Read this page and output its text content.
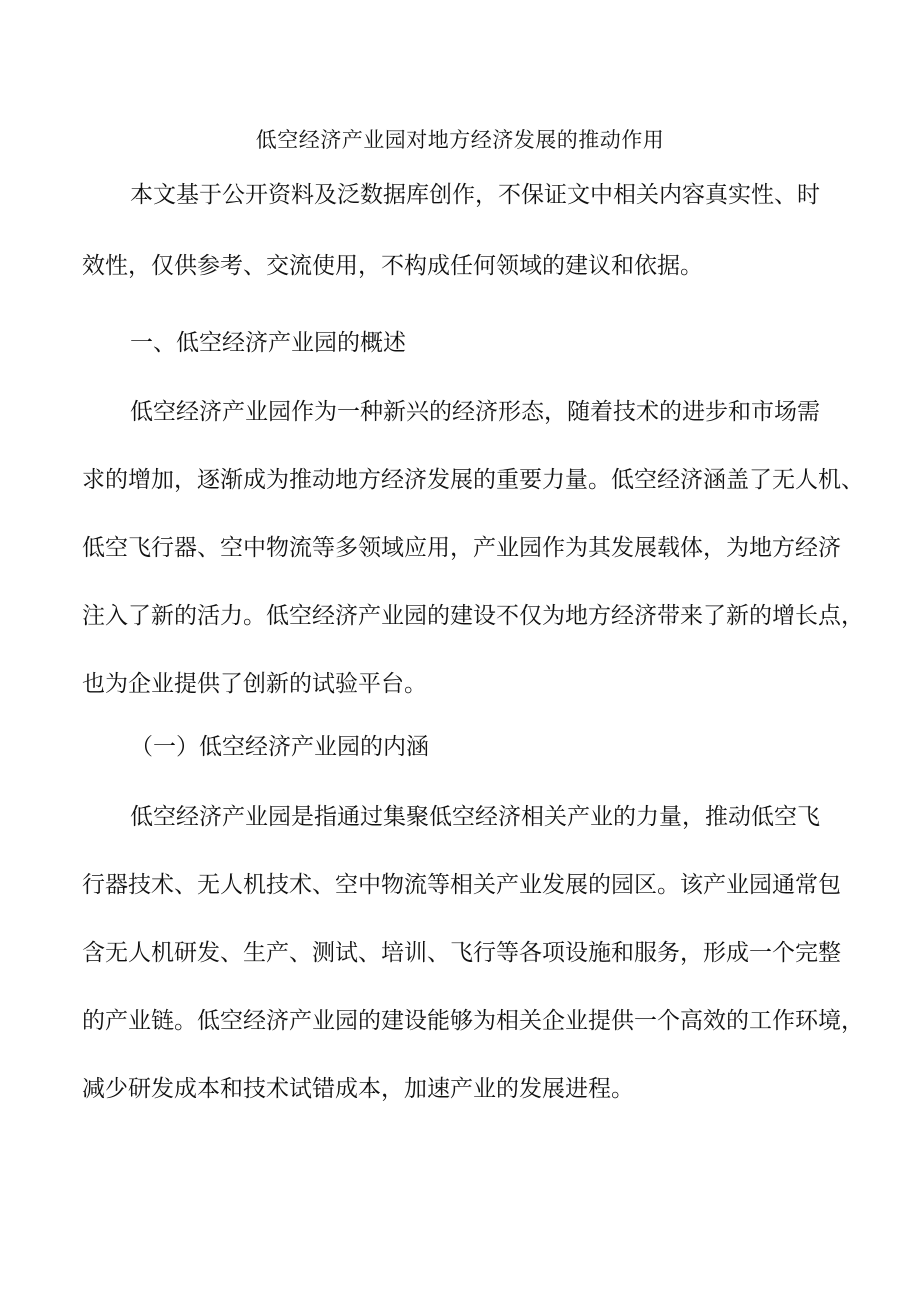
低空经济产业园对地方经济发展的推动作用

本文基于公开资料及泛数据库创作，不保证文中相关内容真实性、时
效性，仅供参考、交流使用，不构成任何领域的建议和依据。

一、低空经济产业园的概述

低空经济产业园作为一种新兴的经济形态，随着技术的进步和市场需
求的增加，逐渐成为推动地方经济发展的重要力量。低空经济涵盖了无人机、
低空飞行器、空中物流等多领域应用，产业园作为其发展载体，为地方经济
注入了新的活力。低空经济产业园的建设不仅为地方经济带来了新的增长点，
也为企业提供了创新的试验平台。

（一）低空经济产业园的内涵

低空经济产业园是指通过集聚低空经济相关产业的力量，推动低空飞
行器技术、无人机技术、空中物流等相关产业发展的园区。该产业园通常包
含无人机研发、生产、测试、培训、飞行等各项设施和服务，形成一个完整
的产业链。低空经济产业园的建设能够为相关企业提供一个高效的工作环境，
减少研发成本和技术试错成本，加速产业的发展进程。
